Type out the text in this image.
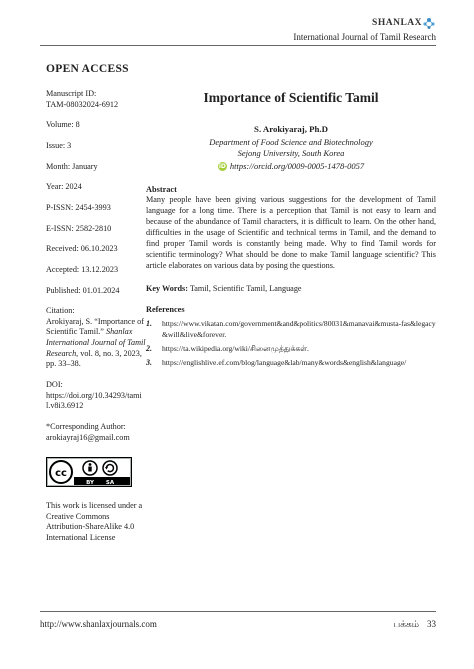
SHANLAX
International Journal of Tamil Research
OPEN ACCESS
Manuscript ID:
TAM-08032024-6912
Volume: 8
Issue: 3
Month: January
Year: 2024
P-ISSN: 2454-3993
E-ISSN: 2582-2810
Received: 06.10.2023
Accepted: 13.12.2023
Published: 01.01.2024
Citation:
Arokiyaraj, S. “Importance of Scientific Tamil.” Shanlax International Journal of Tamil Research, vol. 8, no. 3, 2023, pp. 33–38.
DOI:
https://doi.org/10.34293/tamil.v8i3.6912
*Corresponding Author:
arokiayraj16@gmail.com
cc
BY SA
This work is licensed under a Creative Commons Attribution-ShareAlike 4.0 International License
Importance of Scientific Tamil
S. Arokiyaraj, Ph.D
Department of Food Science and Biotechnology
Sejong University, South Korea
iD https://orcid.org/0009-0005-1478-0057
Abstract
Many people have been giving various suggestions for the development of Tamil language for a long time. There is a perception that Tamil is not easy to learn and because of the abundance of Tamil characters, it is difficult to learn. On the other hand, difficulties in the usage of Scientific and technical terms in Tamil, and the demand to find proper Tamil words is constantly being made. Why to find Tamil words for scientific terminology? What should be done to make Tamil language scientific? This article elaborates on various data by posing the questions.
Key Words: Tamil, Scientific Tamil, Language
References
1.	https://www.vikatan.com/government&and&politics/80031&manavai&musta-fas&legacy&will&live&forever.
2.	https://ta.wikipedia.org/wiki/சினைமுத்துக்கள்.
3.	https://englishlive.ef.com/blog/language&lab/many&words&english&language/
http://www.shanlaxjournals.com	பக்கம் 33
